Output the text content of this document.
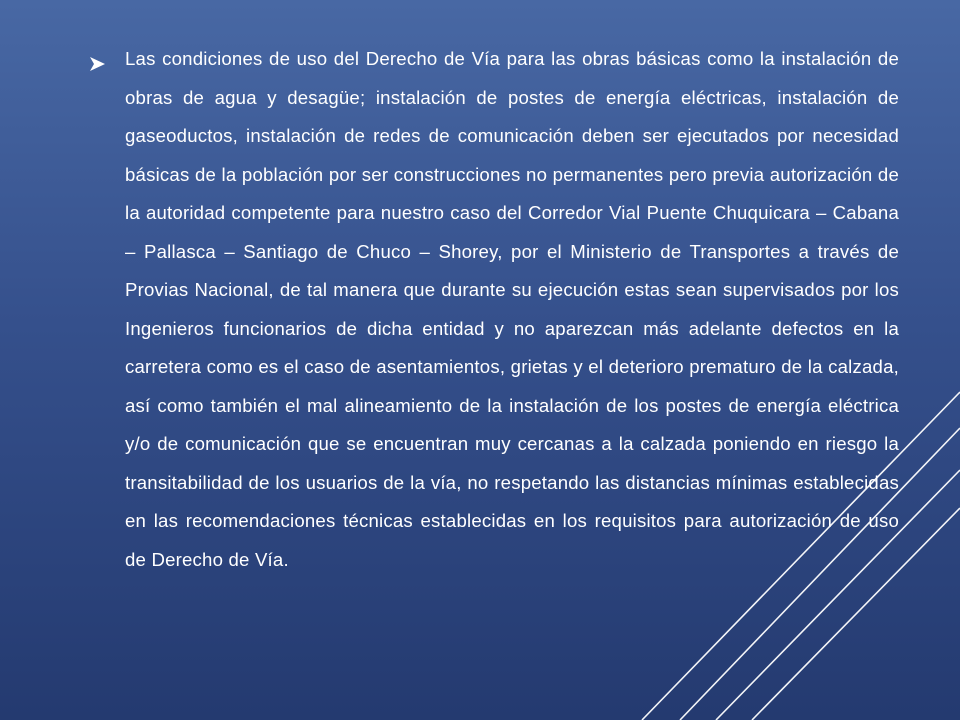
Las condiciones de uso del Derecho de Vía para las obras básicas como la instalación de obras de agua y desagüe; instalación de postes de energía eléctricas, instalación de gaseoductos, instalación de redes de comunicación deben ser ejecutados por necesidad básicas de la población por ser construcciones no permanentes pero previa autorización de la autoridad competente para nuestro caso del Corredor Vial Puente Chuquicara – Cabana – Pallasca – Santiago de Chuco – Shorey, por el Ministerio de Transportes a través de Provias Nacional, de tal manera que durante su ejecución estas sean supervisados por los Ingenieros funcionarios de dicha entidad y no aparezcan más adelante defectos en la carretera como es el caso de asentamientos, grietas y el deterioro prematuro de la calzada, así como también el mal alineamiento de la instalación de los postes de energía eléctrica y/o de comunicación que se encuentran muy cercanas a la calzada poniendo en riesgo la transitabilidad de los usuarios de la vía, no respetando las distancias mínimas establecidas en las recomendaciones técnicas establecidas en los requisitos para autorización de uso de Derecho de Vía.
